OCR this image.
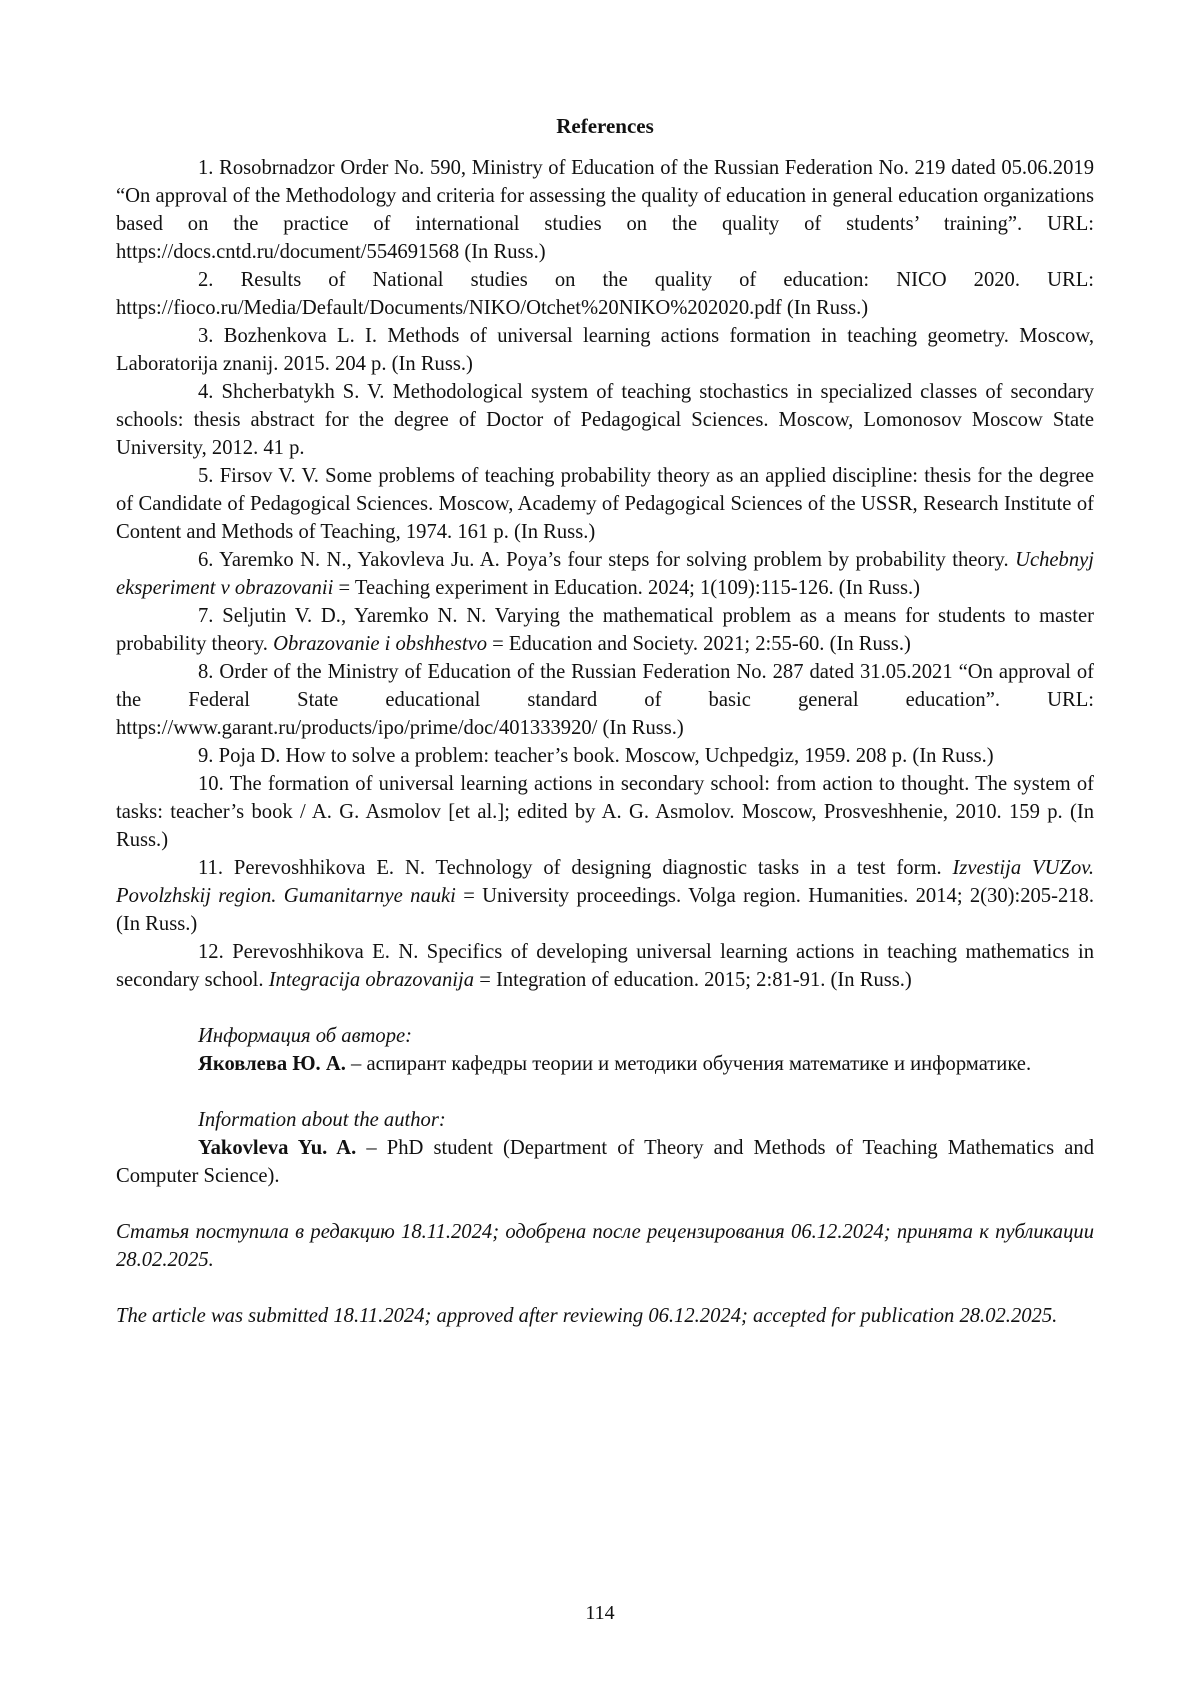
References

1. Rosobrnadzor Order No. 590, Ministry of Education of the Russian Federation No. 219 dated 05.06.2019 “On approval of the Methodology and criteria for assessing the quality of education in general education organizations based on the practice of international studies on the quality of students’ training”. URL: https://docs.cntd.ru/document/554691568 (In Russ.)

2. Results of National studies on the quality of education: NICO 2020. URL: https://fioco.ru/Media/Default/Documents/NIKO/Otchet%20NIKO%202020.pdf (In Russ.)

3. Bozhenkova L. I. Methods of universal learning actions formation in teaching geometry. Moscow, Laboratorija znanij. 2015. 204 p. (In Russ.)

4. Shcherbatykh S. V. Methodological system of teaching stochastics in specialized classes of secondary schools: thesis abstract for the degree of Doctor of Pedagogical Sciences. Moscow, Lomonosov Moscow State University, 2012. 41 p.

5. Firsov V. V. Some problems of teaching probability theory as an applied discipline: thesis for the degree of Candidate of Pedagogical Sciences. Moscow, Academy of Pedagogical Sciences of the USSR, Research Institute of Content and Methods of Teaching, 1974. 161 p. (In Russ.)

6. Yaremko N. N., Yakovleva Ju. A. Poya’s four steps for solving problem by probability theory. Uchebnyj eksperiment v obrazovanii = Teaching experiment in Education. 2024; 1(109):115-126. (In Russ.)

7. Seljutin V. D., Yaremko N. N. Varying the mathematical problem as a means for students to master probability theory. Obrazovanie i obshhestvo = Education and Society. 2021; 2:55-60. (In Russ.)

8. Order of the Ministry of Education of the Russian Federation No. 287 dated 31.05.2021 “On approval of the Federal State educational standard of basic general education”. URL: https://www.garant.ru/products/ipo/prime/doc/401333920/ (In Russ.)

9. Poja D. How to solve a problem: teacher’s book. Moscow, Uchpedgiz, 1959. 208 p. (In Russ.)

10. The formation of universal learning actions in secondary school: from action to thought. The system of tasks: teacher’s book / A. G. Asmolov [et al.]; edited by A. G. Asmolov. Moscow, Prosveshhenie, 2010. 159 p. (In Russ.)

11. Perevoshhikova E. N. Technology of designing diagnostic tasks in a test form. Izvestija VUZov. Povolzhskij region. Gumanitarnye nauki = University proceedings. Volga region. Humanities. 2014; 2(30):205-218. (In Russ.)

12. Perevoshhikova E. N. Specifics of developing universal learning actions in teaching mathematics in secondary school. Integracija obrazovanija = Integration of education. 2015; 2:81-91. (In Russ.)

Информация об авторе:

Яковлева Ю. А. – аспирант кафедры теории и методики обучения математике и информатике.

Information about the author:

Yakovleva Yu. A. – PhD student (Department of Theory and Methods of Teaching Mathematics and Computer Science).

Статья поступила в редакцию 18.11.2024; одобрена после рецензирования 06.12.2024; принята к публикации 28.02.2025.

The article was submitted 18.11.2024; approved after reviewing 06.12.2024; accepted for publication 28.02.2025.

114
